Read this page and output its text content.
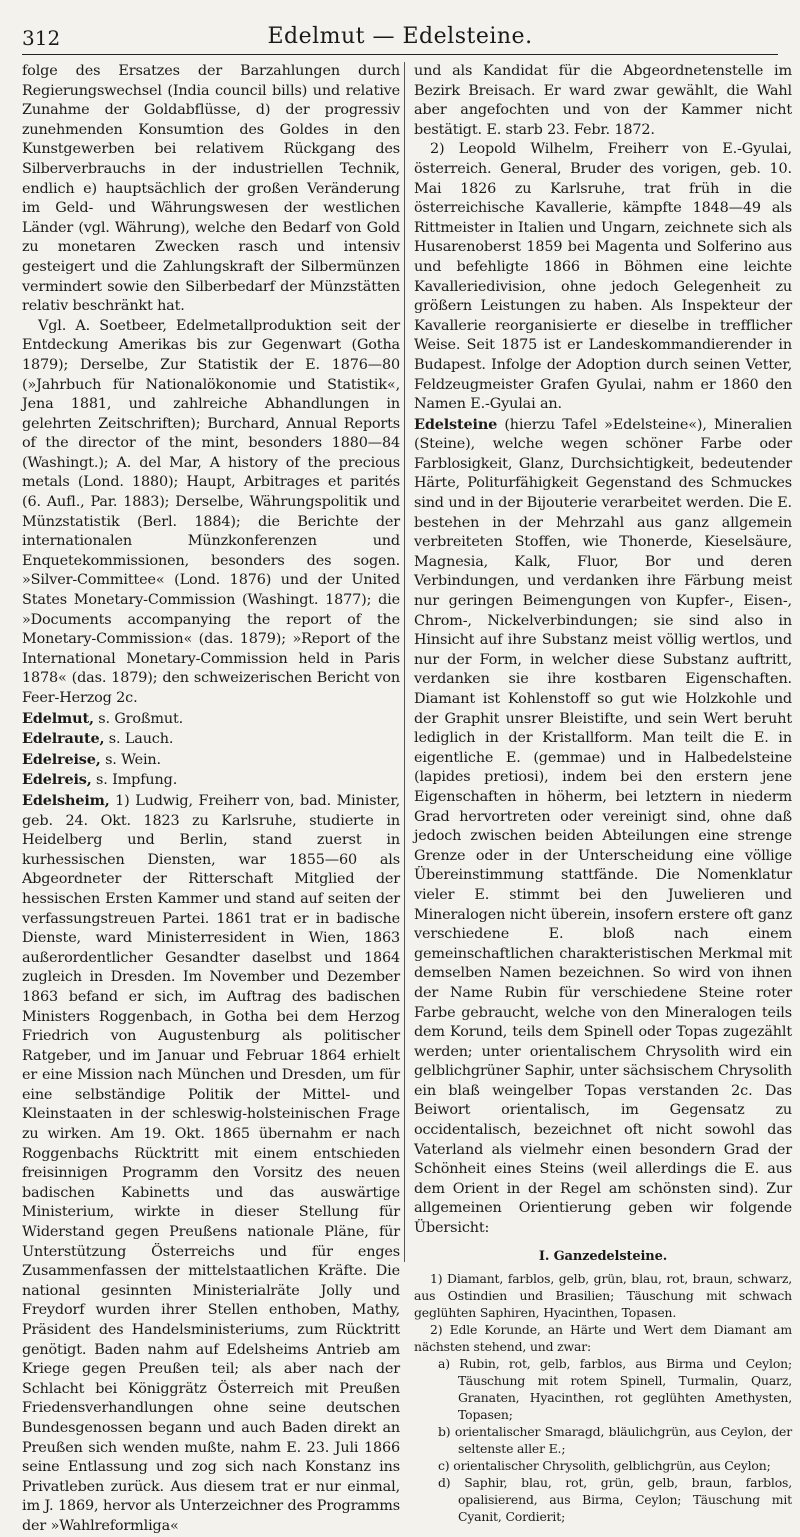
312	Edelmut — Edelsteine.

folge des Ersatzes der Barzahlungen durch Regierungswechsel (India council bills) und relative Zunahme der Goldabflüsse, d) der progressiv zunehmenden Konsumtion des Goldes in den Kunstgewerben bei relativem Rückgang des Silberverbrauchs in der industriellen Technik, endlich e) hauptsächlich der großen Veränderung im Geld- und Währungswesen der westlichen Länder (vgl. Währung), welche den Bedarf von Gold zu monetaren Zwecken rasch und intensiv gesteigert und die Zahlungskraft der Silbermünzen vermindert sowie den Silberbedarf der Münzstätten relativ beschränkt hat.

Vgl. A. Soetbeer, Edelmetallproduktion seit der Entdeckung Amerikas bis zur Gegenwart (Gotha 1879); Derselbe, Zur Statistik der E. 1876—80 (»Jahrbuch für Nationalökonomie und Statistik«, Jena 1881, und zahlreiche Abhandlungen in gelehrten Zeitschriften); Burchard, Annual Reports of the director of the mint, besonders 1880—84 (Washingt.); A. del Mar, A history of the precious metals (Lond. 1880); Haupt, Arbitrages et parités (6. Aufl., Par. 1883); Derselbe, Währungspolitik und Münzstatistik (Berl. 1884); die Berichte der internationalen Münzkonferenzen und Enquetekommissionen, besonders des sogen. »Silver-Committee« (Lond. 1876) und der United States Monetary-Commission (Washingt. 1877); die »Documents accompanying the report of the Monetary-Commission« (das. 1879); »Report of the International Monetary-Commission held in Paris 1878« (das. 1879); den schweizerischen Bericht von Feer-Herzog 2c.

Edelmut, s. Großmut.

Edelraute, s. Lauch.

Edelreise, s. Wein.

Edelreis, s. Impfung.

Edelsheim, 1) Ludwig, Freiherr von, bad. Minister, geb. 24. Okt. 1823 zu Karlsruhe, studierte in Heidelberg und Berlin, stand zuerst in kurhessischen Diensten, war 1855—60 als Abgeordneter der Ritterschaft Mitglied der hessischen Ersten Kammer und stand auf seiten der verfassungstreuen Partei. 1861 trat er in badische Dienste, ward Ministerresident in Wien, 1863 außerordentlicher Gesandter daselbst und 1864 zugleich in Dresden. Im November und Dezember 1863 befand er sich, im Auftrag des badischen Ministers Roggenbach, in Gotha bei dem Herzog Friedrich von Augustenburg als politischer Ratgeber, und im Januar und Februar 1864 erhielt er eine Mission nach München und Dresden, um für eine selbständige Politik der Mittel- und Kleinstaaten in der schleswig-holsteinischen Frage zu wirken. Am 19. Okt. 1865 übernahm er nach Roggenbachs Rücktritt mit einem entschieden freisinnigen Programm den Vorsitz des neuen badischen Kabinetts und das auswärtige Ministerium, wirkte in dieser Stellung für Widerstand gegen Preußens nationale Pläne, für Unterstützung Österreichs und für enges Zusammenfassen der mittelstaatlichen Kräfte. Die national gesinnten Ministerialräte Jolly und Freydorf wurden ihrer Stellen enthoben, Mathy, Präsident des Handelsministeriums, zum Rücktritt genötigt. Baden nahm auf Edelsheims Antrieb am Kriege gegen Preußen teil; als aber nach der Schlacht bei Königgrätz Österreich mit Preußen Friedensverhandlungen ohne seine deutschen Bundesgenossen begann und auch Baden direkt an Preußen sich wenden mußte, nahm E. 23. Juli 1866 seine Entlassung und zog sich nach Konstanz ins Privatleben zurück. Aus diesem trat er nur einmal, im J. 1869, hervor als Unterzeichner des Programms der »Wahlreformliga«

und als Kandidat für die Abgeordnetenstelle im Bezirk Breisach. Er ward zwar gewählt, die Wahl aber angefochten und von der Kammer nicht bestätigt. E. starb 23. Febr. 1872.

2) Leopold Wilhelm, Freiherr von E.-Gyulai, österreich. General, Bruder des vorigen, geb. 10. Mai 1826 zu Karlsruhe, trat früh in die österreichische Kavallerie, kämpfte 1848—49 als Rittmeister in Italien und Ungarn, zeichnete sich als Husarenoberst 1859 bei Magenta und Solferino aus und befehligte 1866 in Böhmen eine leichte Kavalleriedivision, ohne jedoch Gelegenheit zu größern Leistungen zu haben. Als Inspekteur der Kavallerie reorganisierte er dieselbe in trefflicher Weise. Seit 1875 ist er Landeskommandierender in Budapest. Infolge der Adoption durch seinen Vetter, Feldzeugmeister Grafen Gyulai, nahm er 1860 den Namen E.-Gyulai an.

Edelsteine (hierzu Tafel »Edelsteine«), Mineralien (Steine), welche wegen schöner Farbe oder Farblosigkeit, Glanz, Durchsichtigkeit, bedeutender Härte, Politurfähigkeit Gegenstand des Schmuckes sind und in der Bijouterie verarbeitet werden. Die E. bestehen in der Mehrzahl aus ganz allgemein verbreiteten Stoffen, wie Thonerde, Kieselsäure, Magnesia, Kalk, Fluor, Bor und deren Verbindungen, und verdanken ihre Färbung meist nur geringen Beimengungen von Kupfer-, Eisen-, Chrom-, Nickelverbindungen; sie sind also in Hinsicht auf ihre Substanz meist völlig wertlos, und nur der Form, in welcher diese Substanz auftritt, verdanken sie ihre kostbaren Eigenschaften. Diamant ist Kohlenstoff so gut wie Holzkohle und der Graphit unsrer Bleistifte, und sein Wert beruht lediglich in der Kristallform. Man teilt die E. in eigentliche E. (gemmae) und in Halbedelsteine (lapides pretiosi), indem bei den erstern jene Eigenschaften in höherm, bei letztern in niederm Grad hervortreten oder vereinigt sind, ohne daß jedoch zwischen beiden Abteilungen eine strenge Grenze oder in der Unterscheidung eine völlige Übereinstimmung stattfände. Die Nomenklatur vieler E. stimmt bei den Juwelieren und Mineralogen nicht überein, insofern erstere oft ganz verschiedene E. bloß nach einem gemeinschaftlichen charakteristischen Merkmal mit demselben Namen bezeichnen. So wird von ihnen der Name Rubin für verschiedene Steine roter Farbe gebraucht, welche von den Mineralogen teils dem Korund, teils dem Spinell oder Topas zugezählt werden; unter orientalischem Chrysolith wird ein gelblichgrüner Saphir, unter sächsischem Chrysolith ein blaß weingelber Topas verstanden 2c. Das Beiwort orientalisch, im Gegensatz zu occidentalisch, bezeichnet oft nicht sowohl das Vaterland als vielmehr einen besondern Grad der Schönheit eines Steins (weil allerdings die E. aus dem Orient in der Regel am schönsten sind). Zur allgemeinen Orientierung geben wir folgende Übersicht:

I. Ganzedelsteine.

1) Diamant, farblos, gelb, grün, blau, rot, braun, schwarz, aus Ostindien und Brasilien; Täuschung mit schwach geglühten Saphiren, Hyacinthen, Topasen.

2) Edle Korunde, an Härte und Wert dem Diamant am nächsten stehend, und zwar:

a) Rubin, rot, gelb, farblos, aus Birma und Ceylon; Täuschung mit rotem Spinell, Turmalin, Quarz, Granaten, Hyacinthen, rot geglühten Amethysten, Topasen;

b) orientalischer Smaragd, bläulichgrün, aus Ceylon, der seltenste aller E.;

c) orientalischer Chrysolith, gelblichgrün, aus Ceylon;

d) Saphir, blau, rot, grün, gelb, braun, farblos, opalisierend, aus Birma, Ceylon; Täuschung mit Cyanit, Cordierit;
